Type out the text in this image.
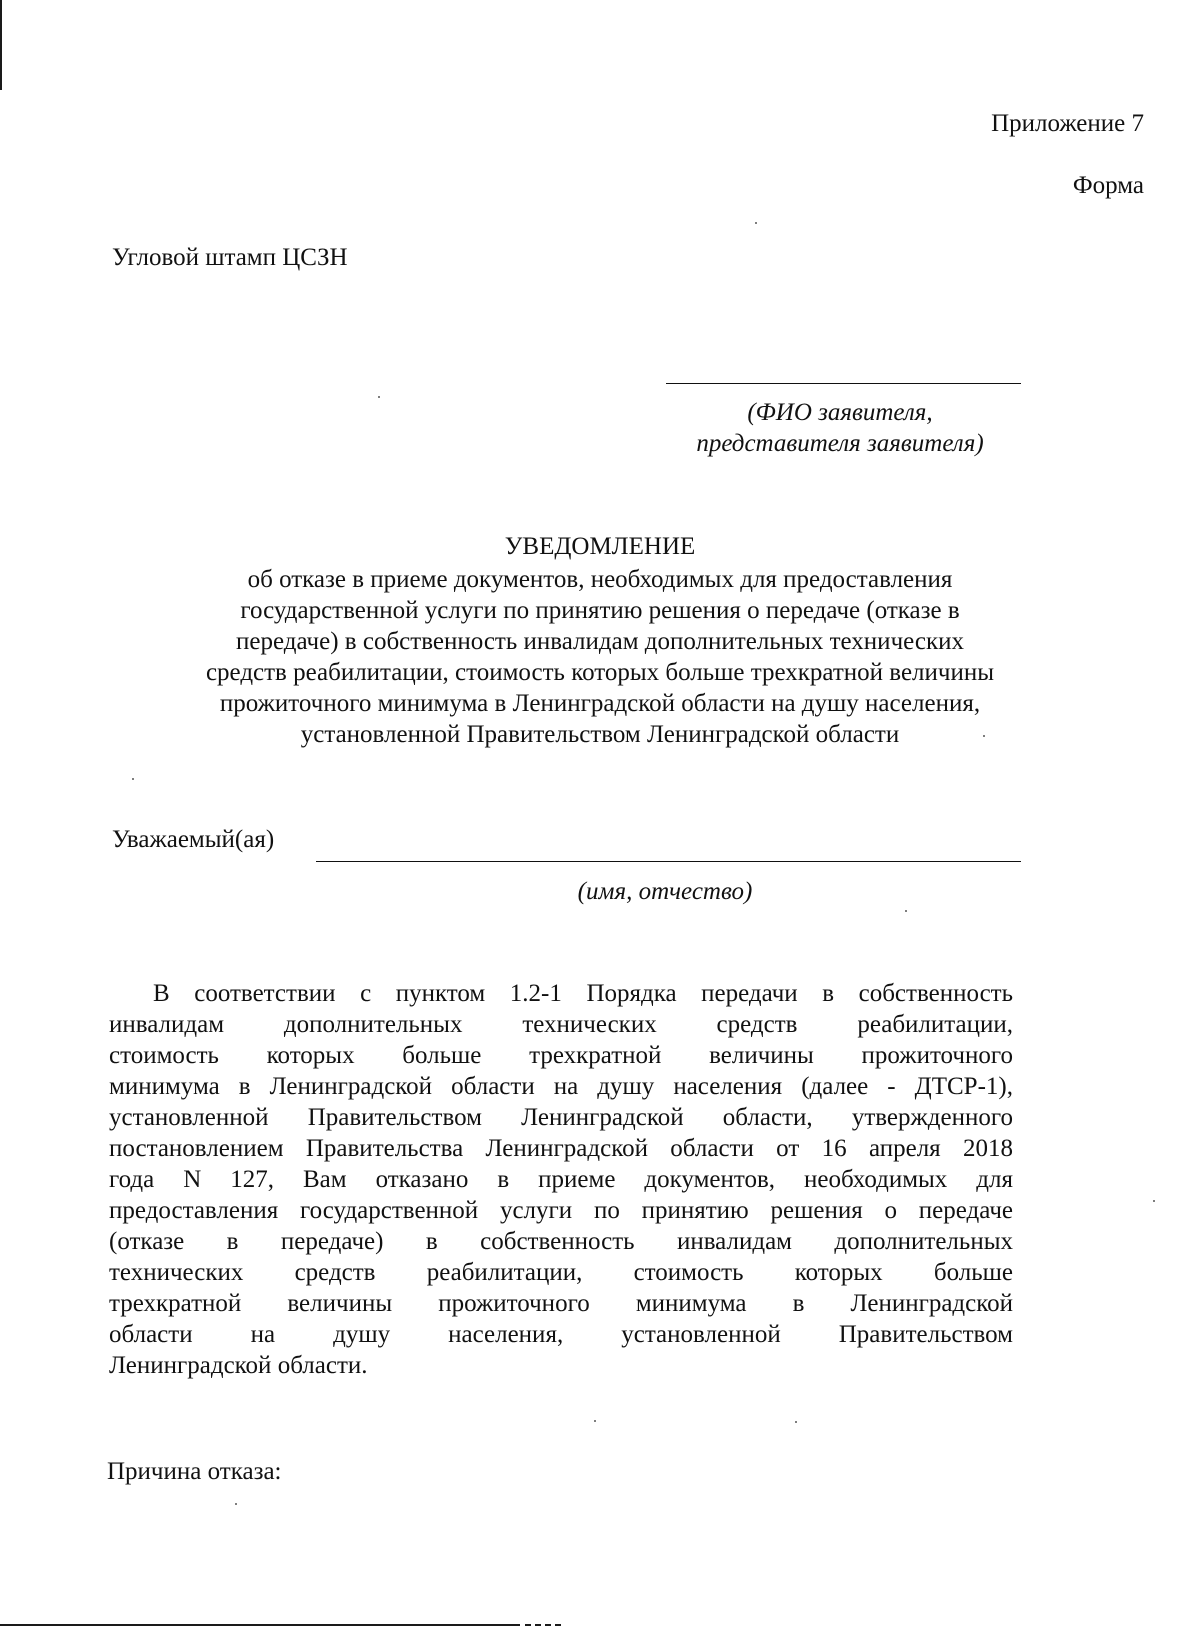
Приложение 7
Форма
Угловой штамп ЦСЗН
(ФИО заявителя,
представителя заявителя)
УВЕДОМЛЕНИЕ
об отказе в приеме документов, необходимых для предоставления
государственной услуги по принятию решения о передаче (отказе в
передаче) в собственность инвалидам дополнительных технических
средств реабилитации, стоимость которых больше трехкратной величины
прожиточного минимума в Ленинградской области на душу населения,
установленной Правительством Ленинградской области
Уважаемый(ая)
(имя, отчество)
В соответствии с пунктом 1.2-1 Порядка передачи в собственность
инвалидам дополнительных технических средств реабилитации,
стоимость которых больше трехкратной величины прожиточного
минимума в Ленинградской области на душу населения (далее - ДТСР-1),
установленной Правительством Ленинградской области, утвержденного
постановлением Правительства Ленинградской области от 16 апреля 2018
года N 127, Вам отказано в приеме документов, необходимых для
предоставления государственной услуги по принятию решения о передаче
(отказе в передаче) в собственность инвалидам дополнительных
технических средств реабилитации, стоимость которых больше
трехкратной величины прожиточного минимума в Ленинградской
области на душу населения, установленной Правительством
Ленинградской области.
Причина отказа:
